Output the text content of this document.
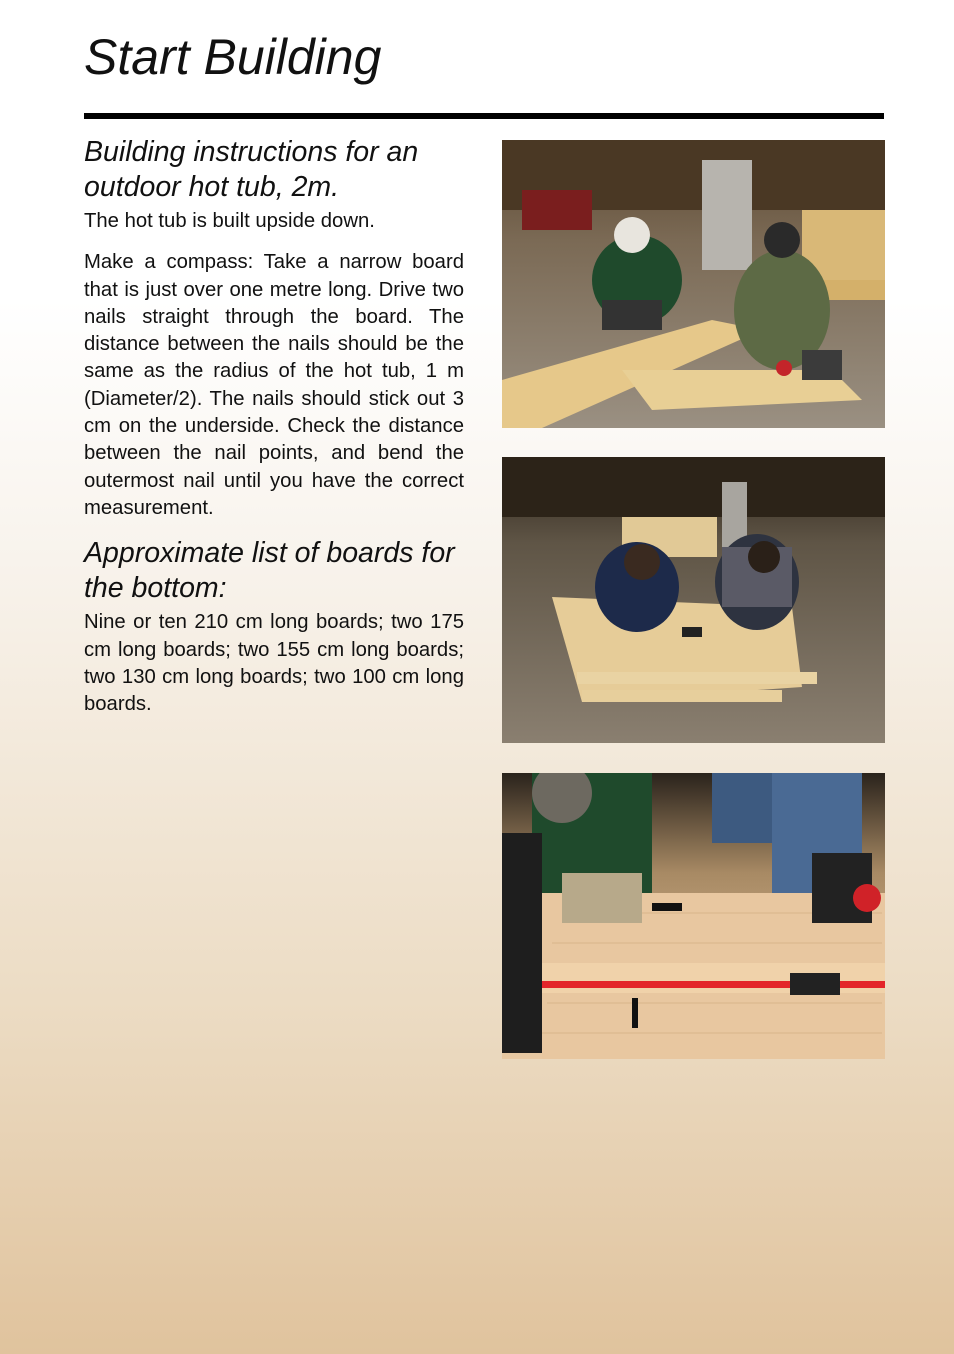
Start Building
Building instructions for an outdoor hot tub, 2m.

The hot tub is built upside down.

Make a compass: Take a narrow board that is just over one metre long. Drive two nails straight through the board. The distance between the nails should be the same as the radius of the hot tub, 1 m (Diameter/2). The nails should stick out 3 cm on the underside. Check the distance between the nail points, and bend the outermost nail until you have the correct measurement.

Approximate list of boards for the bottom:

Nine or ten 210 cm long boards; two 175 cm long boards; two 155 cm long boards; two 130 cm long boards; two 100 cm long boards.
